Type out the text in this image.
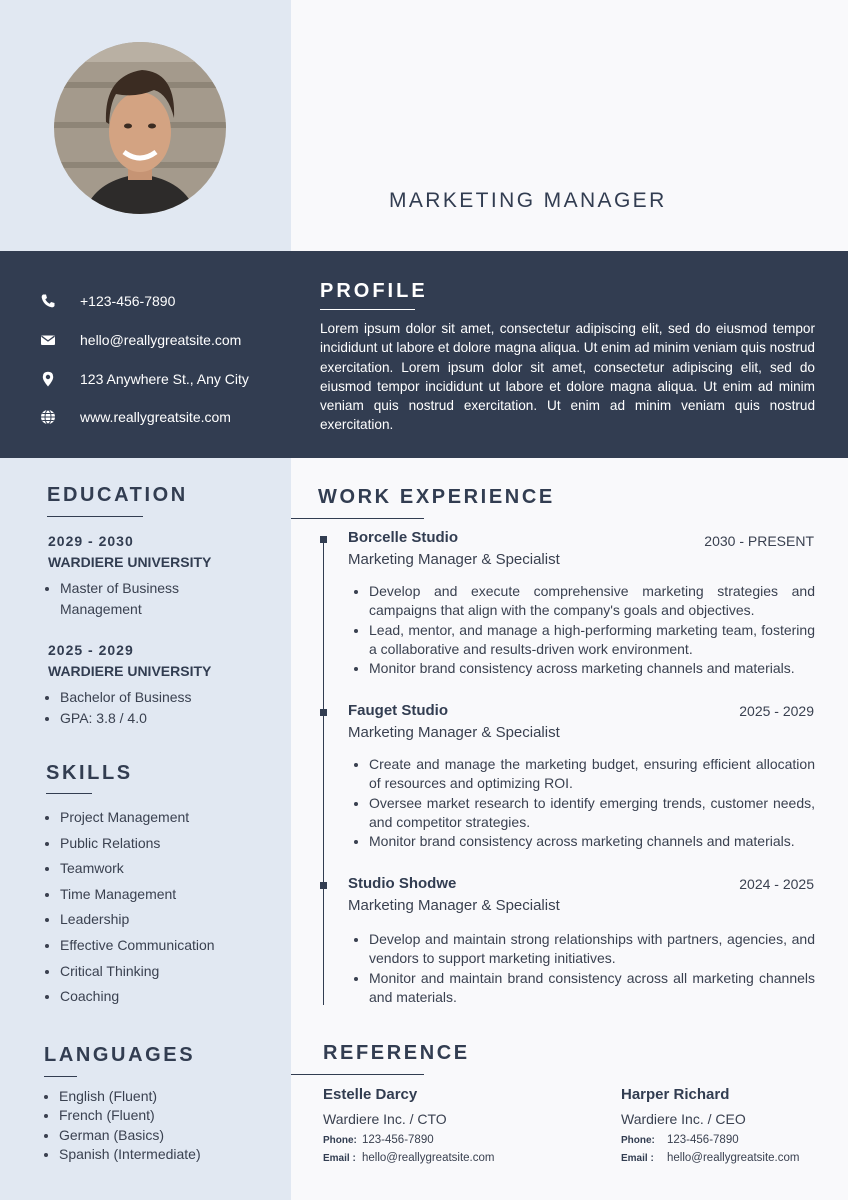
MARKETING MANAGER
+123-456-7890
hello@reallygreatsite.com
123 Anywhere St., Any City
www.reallygreatsite.com
PROFILE
Lorem ipsum dolor sit amet, consectetur adipiscing elit, sed do eiusmod tempor incididunt ut labore et dolore magna aliqua. Ut enim ad minim veniam quis nostrud exercitation. Lorem ipsum dolor sit amet, consectetur adipiscing elit, sed do eiusmod tempor incididunt ut labore et dolore magna aliqua. Ut enim ad minim veniam quis nostrud exercitation. Ut enim ad minim veniam quis nostrud exercitation.
EDUCATION
2029 - 2030
WARDIERE UNIVERSITY
• Master of Business Management
2025 - 2029
WARDIERE UNIVERSITY
• Bachelor of Business
• GPA: 3.8 / 4.0
SKILLS
• Project Management
• Public Relations
• Teamwork
• Time Management
• Leadership
• Effective Communication
• Critical Thinking
• Coaching
LANGUAGES
• English (Fluent)
• French (Fluent)
• German (Basics)
• Spanish (Intermediate)
WORK EXPERIENCE
Borcelle Studio	2030 - PRESENT
Marketing Manager & Specialist
• Develop and execute comprehensive marketing strategies and campaigns that align with the company's goals and objectives.
• Lead, mentor, and manage a high-performing marketing team, fostering a collaborative and results-driven work environment.
• Monitor brand consistency across marketing channels and materials.
Fauget Studio	2025 - 2029
Marketing Manager & Specialist
• Create and manage the marketing budget, ensuring efficient allocation of resources and optimizing ROI.
• Oversee market research to identify emerging trends, customer needs, and competitor strategies.
• Monitor brand consistency across marketing channels and materials.
Studio Shodwe	2024 - 2025
Marketing Manager & Specialist
• Develop and maintain strong relationships with partners, agencies, and vendors to support marketing initiatives.
• Monitor and maintain brand consistency across all marketing channels and materials.
REFERENCE
Estelle Darcy
Wardiere Inc. / CTO
Phone: 123-456-7890
Email : hello@reallygreatsite.com
Harper Richard
Wardiere Inc. / CEO
Phone: 123-456-7890
Email : hello@reallygreatsite.com
